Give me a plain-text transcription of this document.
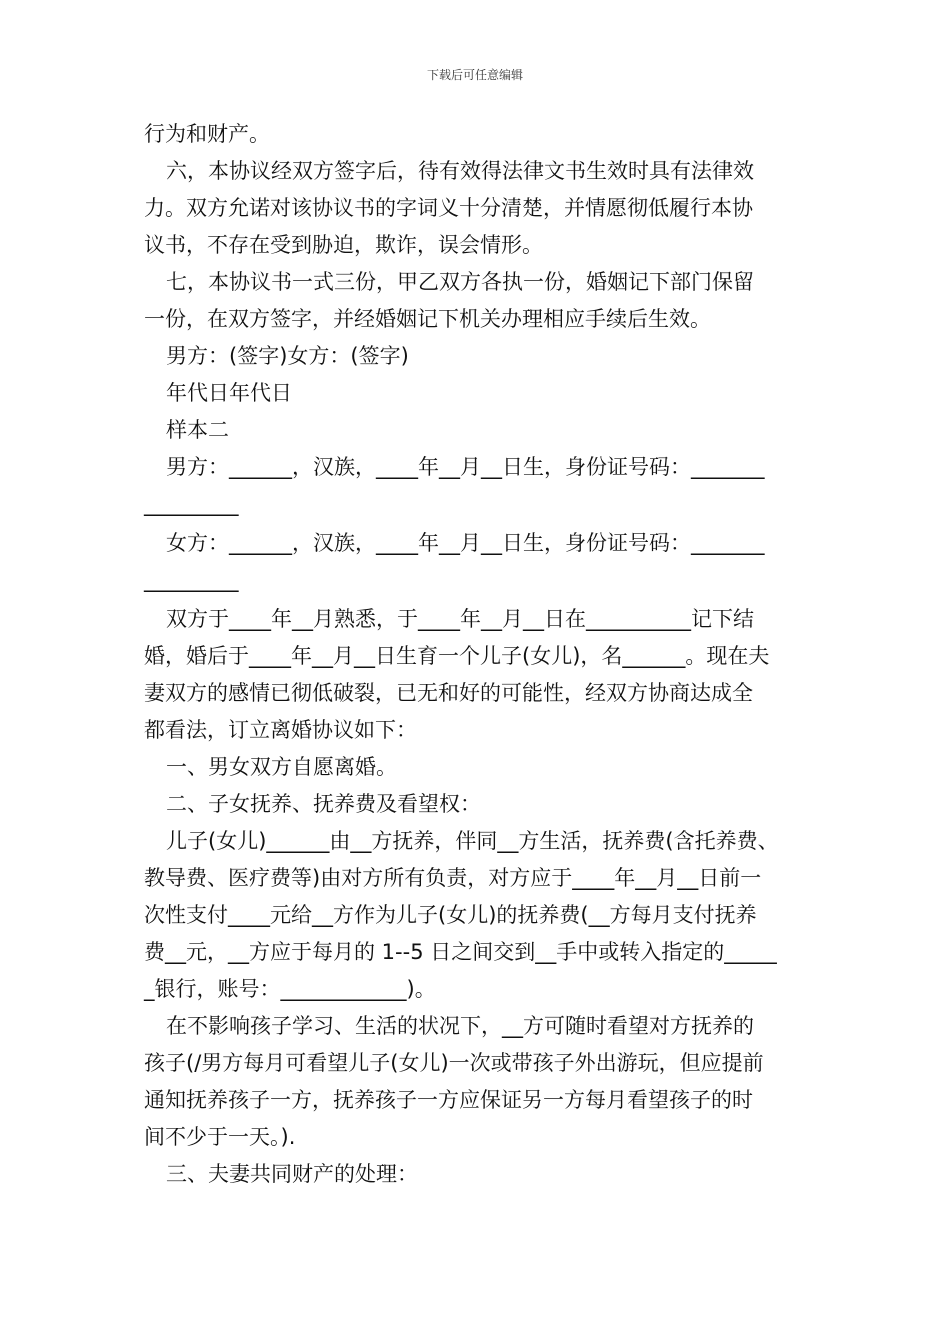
下载后可任意编辑
行为和财产。
六，本协议经双方签字后，待有效得法律文书生效时具有法律效
力。双方允诺对该协议书的字词义十分清楚，并情愿彻低履行本协
议书，不存在受到胁迫，欺诈，误会情形。
七，本协议书一式三份，甲乙双方各执一份，婚姻记下部门保留
一份，在双方签字，并经婚姻记下机关办理相应手续后生效。
男方：(签字)女方：(签字)
年代日年代日
样本二
男方：______，汉族，____年__月__日生，身份证号码：_______
_________
女方：______，汉族，____年__月__日生，身份证号码：_______
_________
双方于____年__月熟悉，于____年__月__日在__________记下结
婚，婚后于____年__月__日生育一个儿子(女儿)，名______。现在夫
妻双方的感情已彻低破裂，已无和好的可能性，经双方协商达成全
都看法，订立离婚协议如下：
一、男女双方自愿离婚。
二、子女抚养、抚养费及看望权：
儿子(女儿)______由__方抚养，伴同__方生活，抚养费(含托养费、
教导费、医疗费等)由对方所有负责，对方应于____年__月__日前一
次性支付____元给__方作为儿子(女儿)的抚养费(__方每月支付抚养
费__元，__方应于每月的 1--5 日之间交到__手中或转入指定的_____
_银行，账号：____________)。
在不影响孩子学习、生活的状况下，__方可随时看望对方抚养的
孩子(/男方每月可看望儿子(女儿)一次或带孩子外出游玩，但应提前
通知抚养孩子一方，抚养孩子一方应保证另一方每月看望孩子的时
间不少于一天。).
三、夫妻共同财产的处理：
